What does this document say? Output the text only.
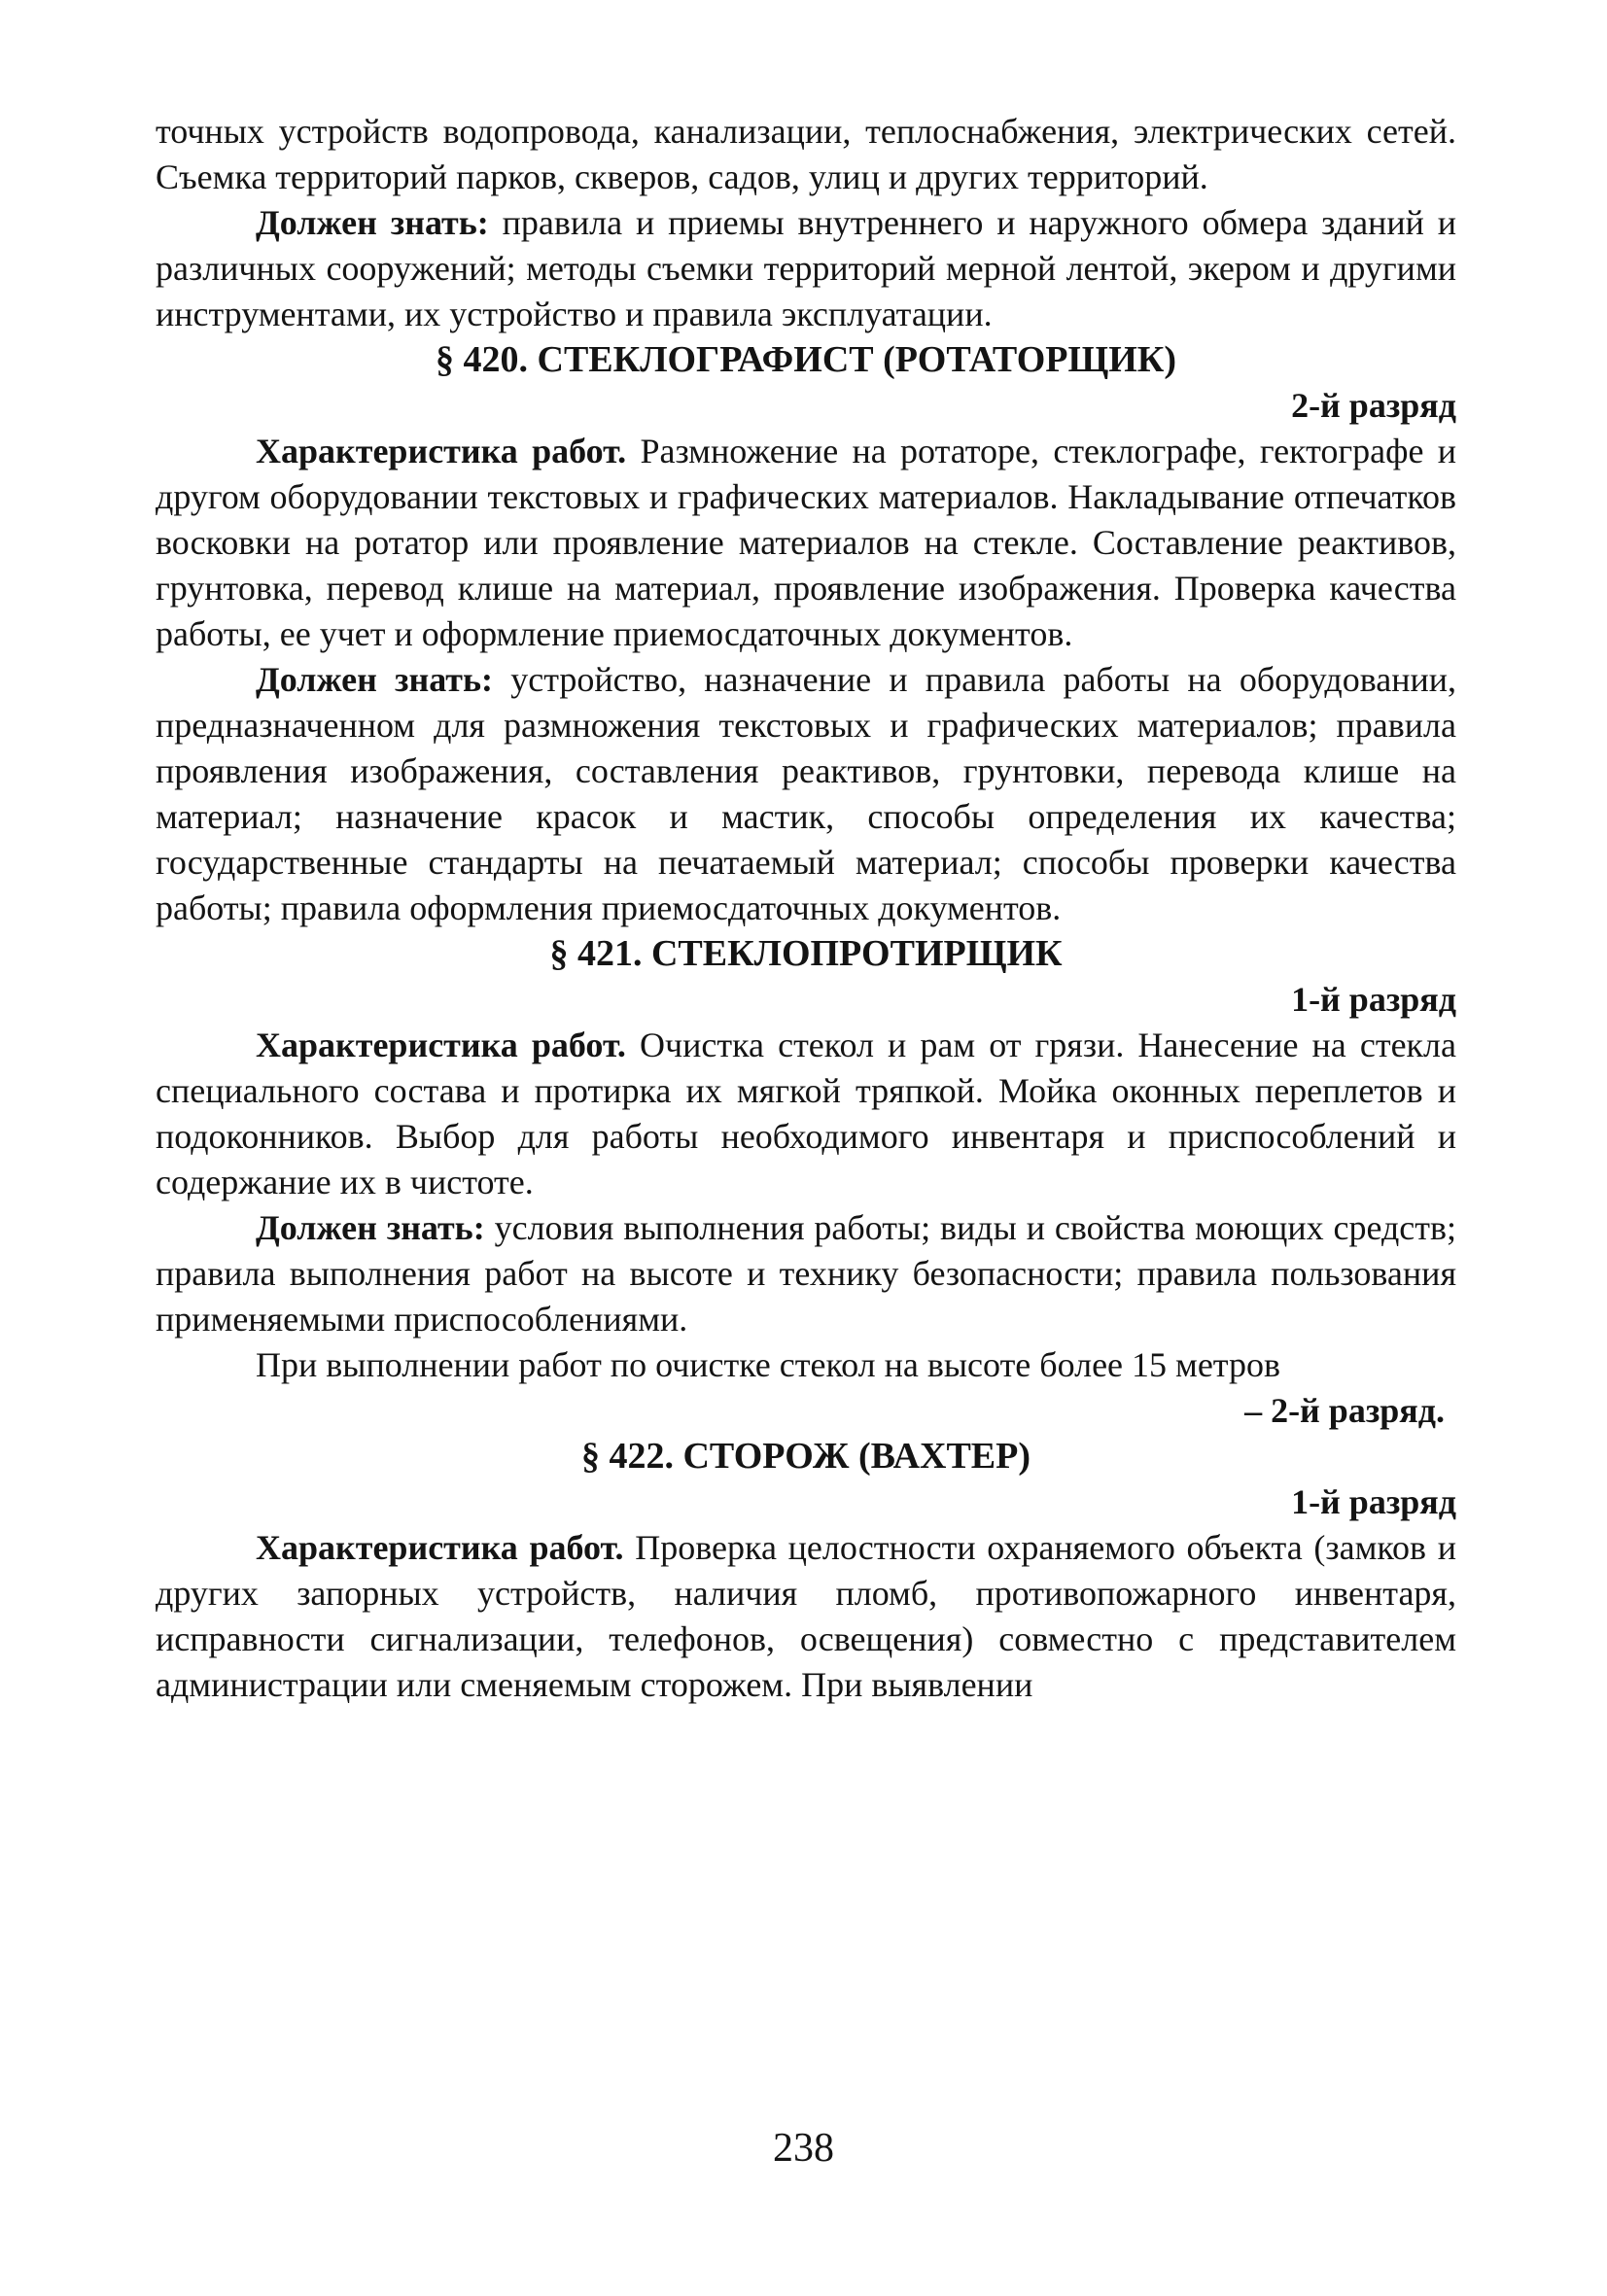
точных устройств водопровода, канализации, теплоснабжения, электрических сетей. Съемка территорий парков, скверов, садов, улиц и других территорий.

Должен знать: правила и приемы внутреннего и наружного обмера зданий и различных сооружений; методы съемки территорий мерной лентой, экером и другими инструментами, их устройство и правила эксплуатации.

§ 420. СТЕКЛОГРАФИСТ (РОТАТОРЩИК)

2-й разряд

Характеристика работ. Размножение на ротаторе, стеклографе, гектографе и другом оборудовании текстовых и графических материалов. Накладывание отпечатков восковки на ротатор или проявление материалов на стекле. Составление реактивов, грунтовка, перевод клише на материал, проявление изображения. Проверка качества работы, ее учет и оформление приемосдаточных документов.

Должен знать: устройство, назначение и правила работы на оборудовании, предназначенном для размножения текстовых и графических материалов; правила проявления изображения, составления реактивов, грунтовки, перевода клише на материал; назначение красок и мастик, способы определения их качества; государственные стандарты на печатаемый материал; способы проверки качества работы; правила оформления приемосдаточных документов.

§ 421. СТЕКЛОПРОТИРЩИК

1-й разряд

Характеристика работ. Очистка стекол и рам от грязи. Нанесение на стекла специального состава и протирка их мягкой тряпкой. Мойка оконных переплетов и подоконников. Выбор для работы необходимого инвентаря и приспособлений и содержание их в чистоте.

Должен знать: условия выполнения работы; виды и свойства моющих средств; правила выполнения работ на высоте и технику безопасности; правила пользования применяемыми приспособлениями.

При выполнении работ по очистке стекол на высоте более 15 метров

– 2-й разряд.

§ 422. СТОРОЖ (ВАХТЕР)

1-й разряд

Характеристика работ. Проверка целостности охраняемого объекта (замков и других запорных устройств, наличия пломб, противопожарного инвентаря, исправности сигнализации, телефонов, освещения) совместно с представителем администрации или сменяемым сторожем. При выявлении

238
